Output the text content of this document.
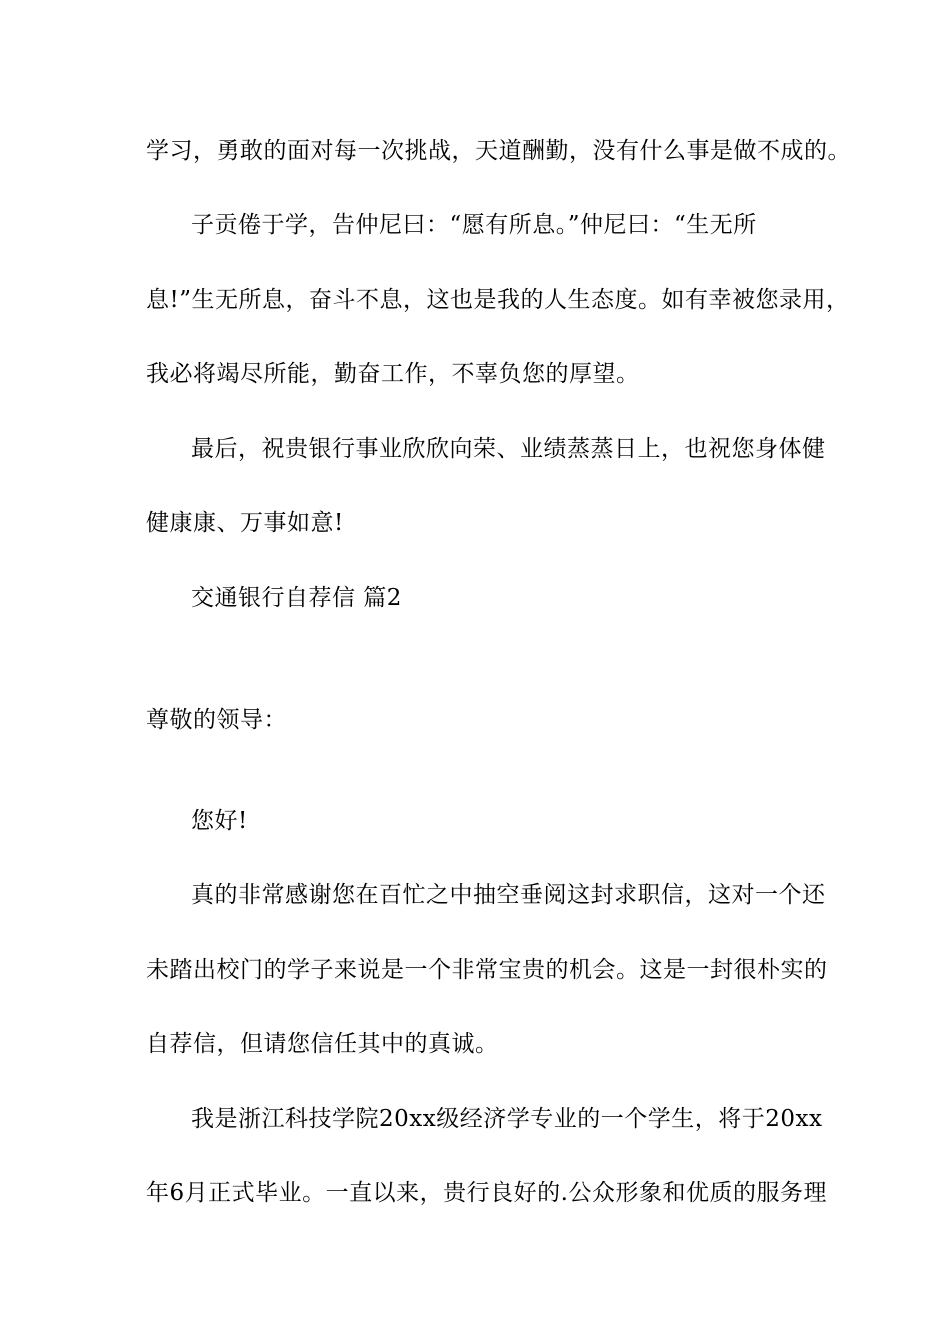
学习，勇敢的面对每一次挑战，天道酬勤，没有什么事是做不成的。
子贡倦于学，告仲尼曰：“愿有所息。”仲尼曰：“生无所
息!”生无所息，奋斗不息，这也是我的人生态度。如有幸被您录用，
我必将竭尽所能，勤奋工作，不辜负您的厚望。
最后，祝贵银行事业欣欣向荣、业绩蒸蒸日上，也祝您身体健
健康康、万事如意!
交通银行自荐信 篇2
尊敬的领导：
您好!
真的非常感谢您在百忙之中抽空垂阅这封求职信，这对一个还
未踏出校门的学子来说是一个非常宝贵的机会。这是一封很朴实的
自荐信，但请您信任其中的真诚。
我是浙江科技学院20xx级经济学专业的一个学生，将于20xx
年6月正式毕业。一直以来，贵行良好的.公众形象和优质的服务理
